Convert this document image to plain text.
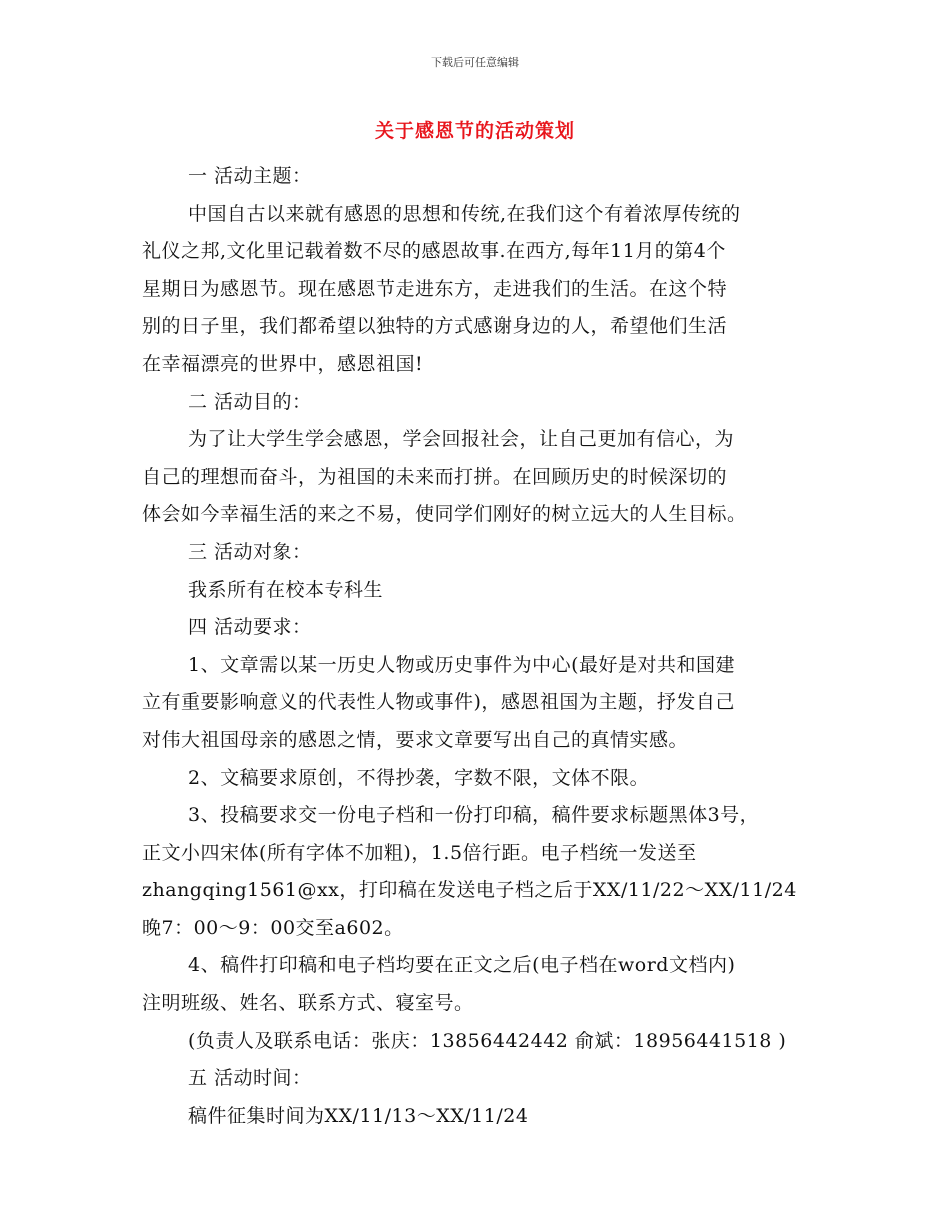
下载后可任意编辑
关于感恩节的活动策划
一 活动主题：
中国自古以来就有感恩的思想和传统,在我们这个有着浓厚传统的
礼仪之邦,文化里记载着数不尽的感恩故事.在西方,每年11月的第4个
星期日为感恩节。现在感恩节走进东方，走进我们的生活。在这个特
别的日子里，我们都希望以独特的方式感谢身边的人，希望他们生活
在幸福漂亮的世界中，感恩祖国!
二 活动目的：
为了让大学生学会感恩，学会回报社会，让自己更加有信心，为
自己的理想而奋斗，为祖国的未来而打拼。在回顾历史的时候深切的
体会如今幸福生活的来之不易，使同学们刚好的树立远大的人生目标。
三 活动对象：
我系所有在校本专科生
四 活动要求：
1、文章需以某一历史人物或历史事件为中心(最好是对共和国建
立有重要影响意义的代表性人物或事件)，感恩祖国为主题，抒发自己
对伟大祖国母亲的感恩之情，要求文章要写出自己的真情实感。
2、文稿要求原创，不得抄袭，字数不限，文体不限。
3、投稿要求交一份电子档和一份打印稿，稿件要求标题黑体3号，
正文小四宋体(所有字体不加粗)，1.5倍行距。电子档统一发送至
zhangqing1561@xx，打印稿在发送电子档之后于XX/11/22～XX/11/24
晚7：00～9：00交至a602。
4、稿件打印稿和电子档均要在正文之后(电子档在word文档内)
注明班级、姓名、联系方式、寝室号。
(负责人及联系电话：张庆：13856442442 俞斌：18956441518 )
五 活动时间：
稿件征集时间为XX/11/13～XX/11/24
